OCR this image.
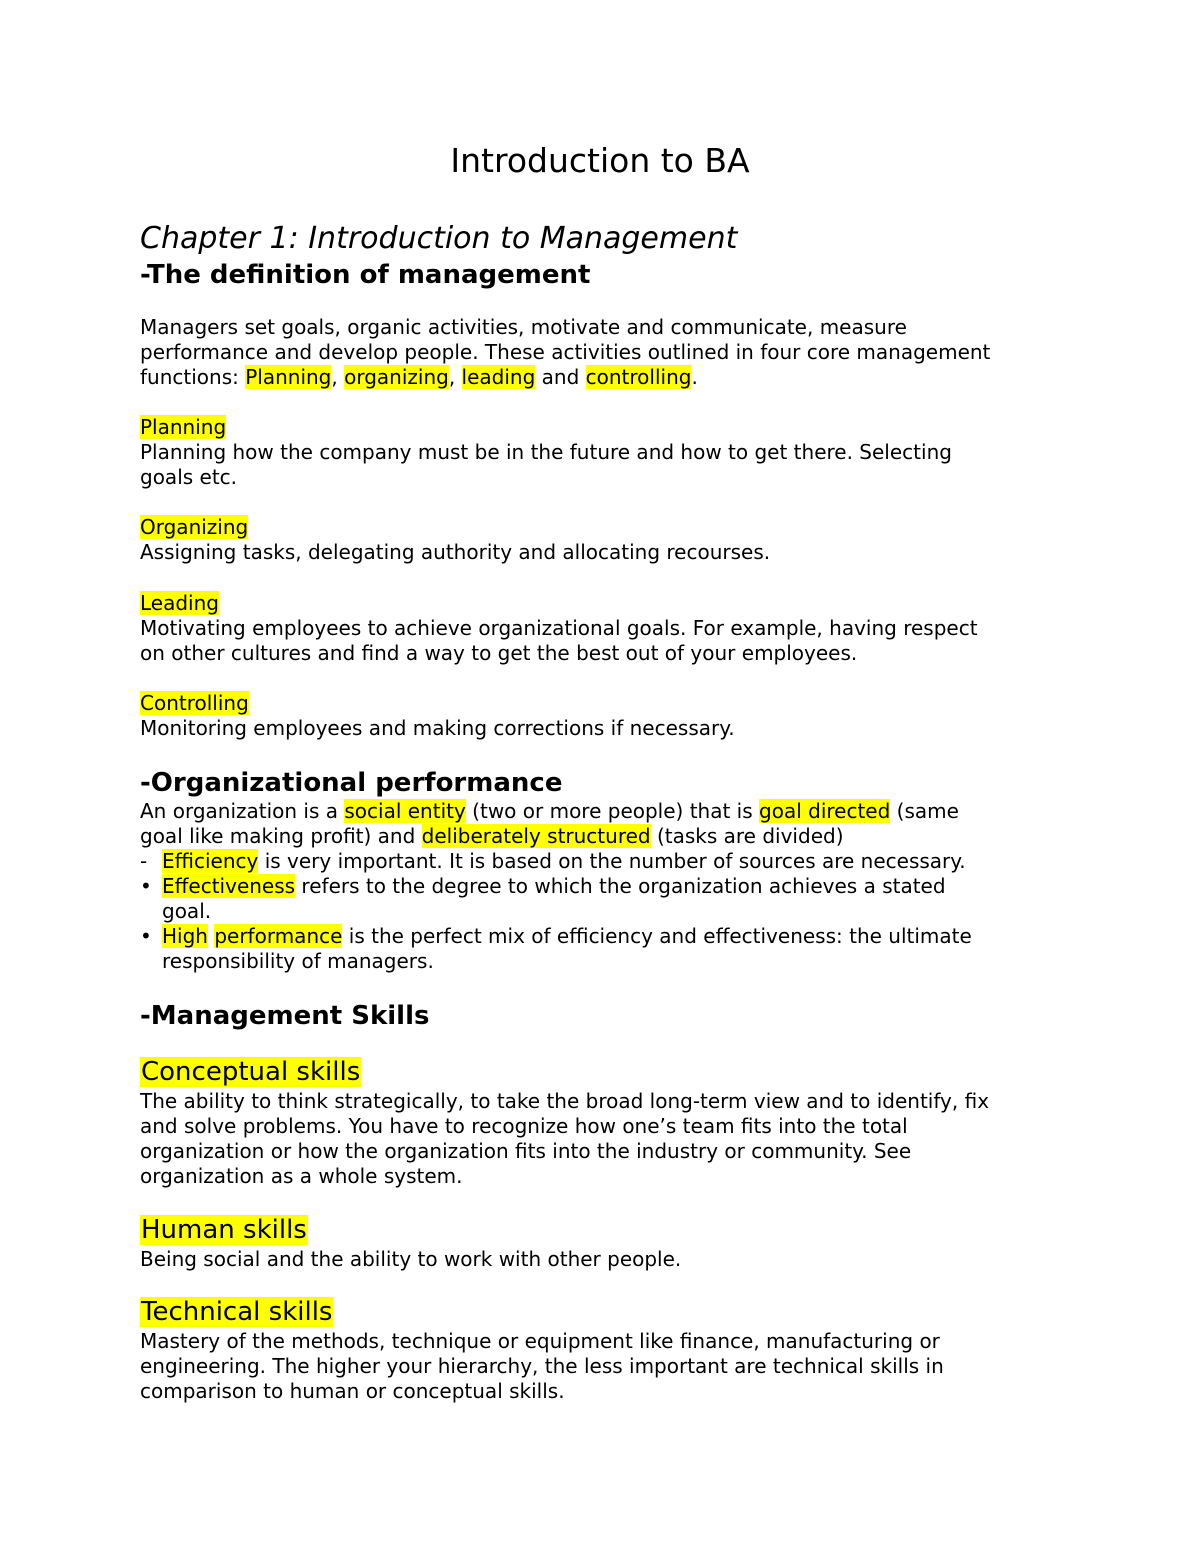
Introduction to BA
Chapter 1: Introduction to Management
-The definition of management
Managers set goals, organic activities, motivate and communicate, measure
performance and develop people. These activities outlined in four core management
functions: Planning, organizing, leading and controlling.
Planning
Planning how the company must be in the future and how to get there. Selecting
goals etc.
Organizing
Assigning tasks, delegating authority and allocating recourses.
Leading
Motivating employees to achieve organizational goals. For example, having respect
on other cultures and find a way to get the best out of your employees.
Controlling
Monitoring employees and making corrections if necessary.
-Organizational performance
An organization is a social entity (two or more people) that is goal directed (same
goal like making profit) and deliberately structured (tasks are divided)
- Efficiency is very important. It is based on the number of sources are necessary.
• Effectiveness refers to the degree to which the organization achieves a stated
goal.
• High performance is the perfect mix of efficiency and effectiveness: the ultimate
responsibility of managers.
-Management Skills
Conceptual skills
The ability to think strategically, to take the broad long-term view and to identify, fix
and solve problems. You have to recognize how one’s team fits into the total
organization or how the organization fits into the industry or community. See
organization as a whole system.
Human skills
Being social and the ability to work with other people.
Technical skills
Mastery of the methods, technique or equipment like finance, manufacturing or
engineering. The higher your hierarchy, the less important are technical skills in
comparison to human or conceptual skills.
